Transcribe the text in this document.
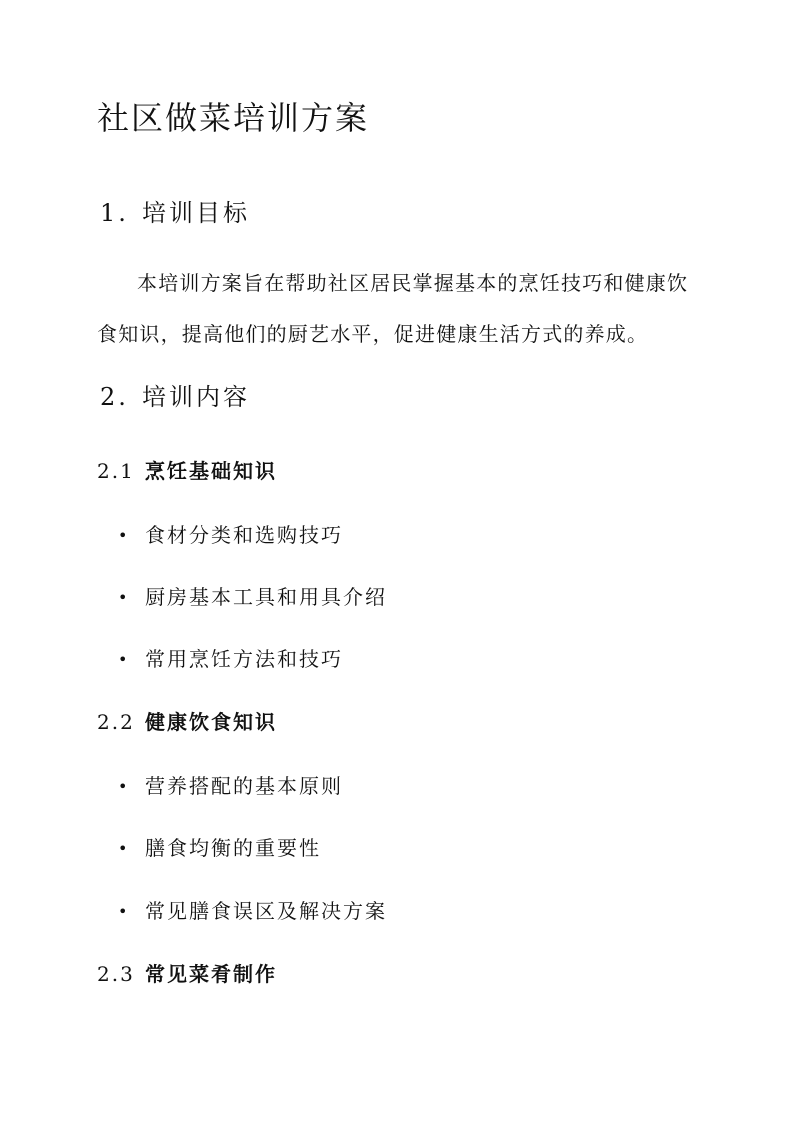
社区做菜培训方案
1. 培训目标

本培训方案旨在帮助社区居民掌握基本的烹饪技巧和健康饮食知识，提高他们的厨艺水平，促进健康生活方式的养成。

2. 培训内容
2.1 烹饪基础知识
• 食材分类和选购技巧
• 厨房基本工具和用具介绍
• 常用烹饪方法和技巧
2.2 健康饮食知识
• 营养搭配的基本原则
• 膳食均衡的重要性
• 常见膳食误区及解决方案
2.3 常见菜肴制作
